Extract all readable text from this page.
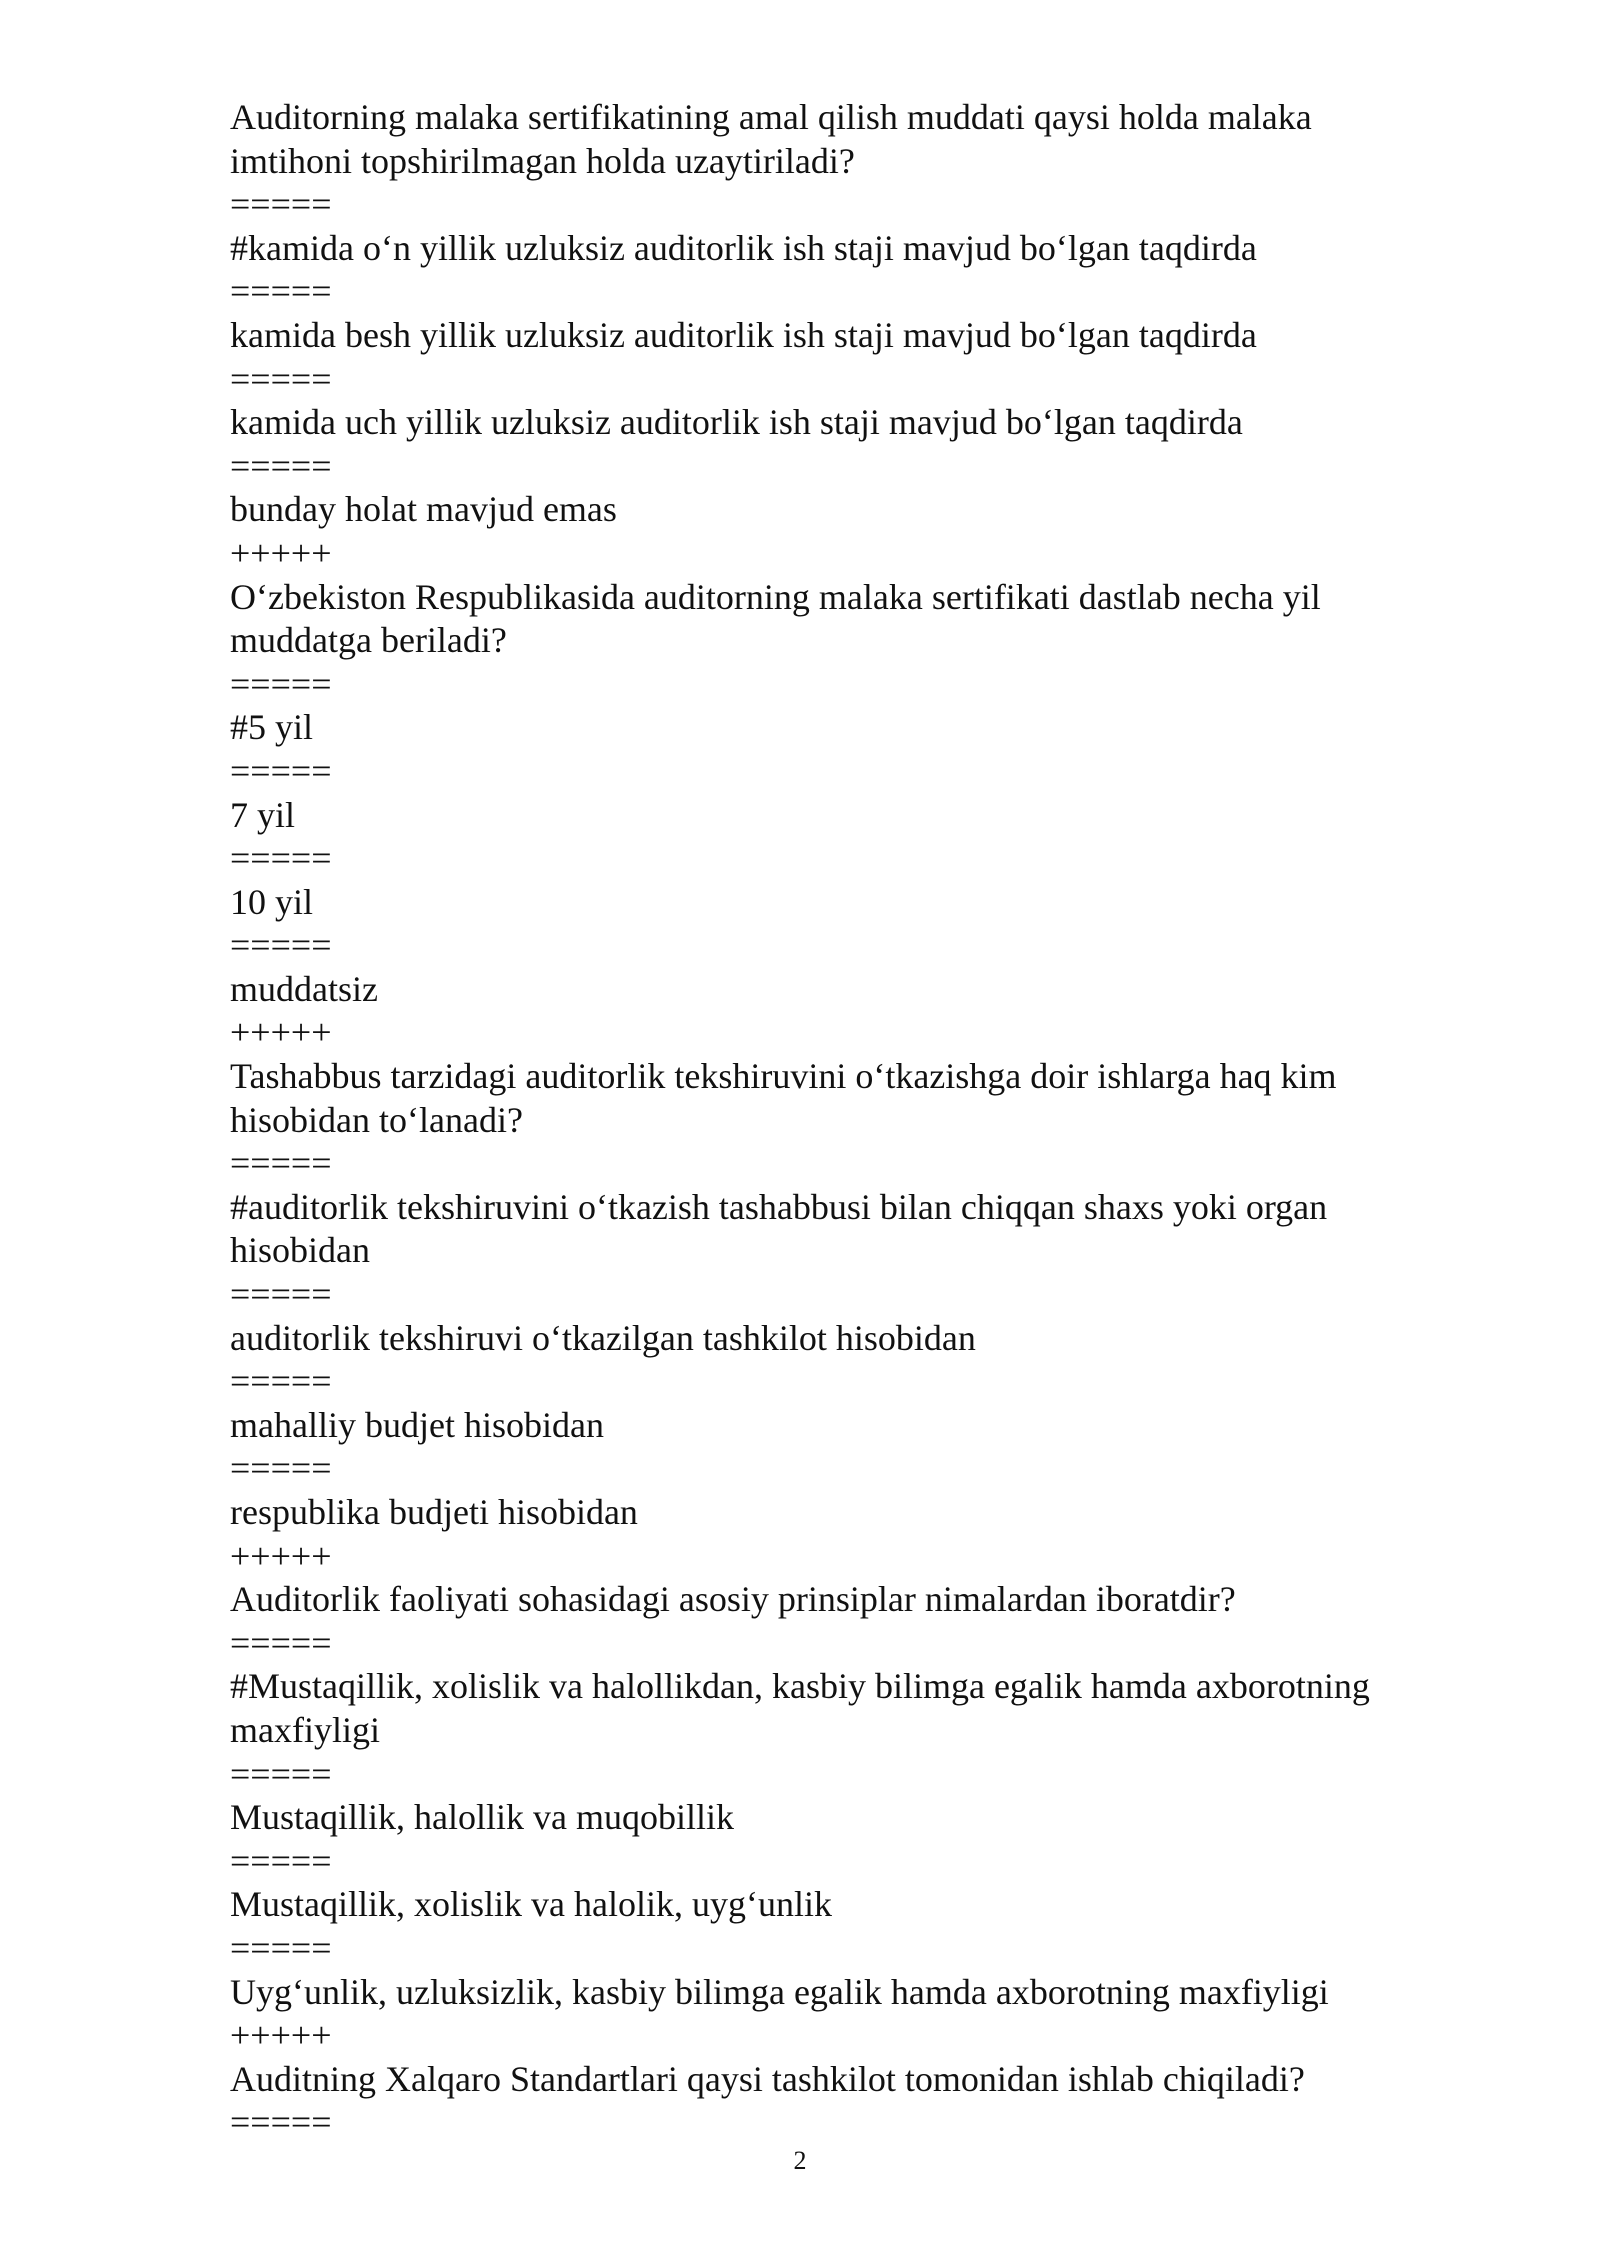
Auditorning malaka sertifikatining amal qilish muddati qaysi holda malaka imtihoni topshirilmagan holda uzaytiriladi?

=====

#kamida o‘n yillik uzluksiz auditorlik ish staji mavjud bo‘lgan taqdirda

=====

kamida besh yillik uzluksiz auditorlik ish staji mavjud bo‘lgan taqdirda

=====

kamida uch yillik uzluksiz auditorlik ish staji mavjud bo‘lgan taqdirda

=====

bunday holat mavjud emas

+++++

O‘zbekiston Respublikasida auditorning malaka sertifikati dastlab necha yil muddatga beriladi?

=====

#5 yil

=====

7 yil

=====

10 yil

=====

muddatsiz

+++++

Tashabbus tarzidagi auditorlik tekshiruvini o‘tkazishga doir ishlarga haq kim hisobidan to‘lanadi?

=====

#auditorlik tekshiruvini o‘tkazish tashabbusi bilan chiqqan shaxs yoki organ hisobidan

=====

auditorlik tekshiruvi o‘tkazilgan tashkilot hisobidan

=====

mahalliy budjet hisobidan

=====

respublika budjeti hisobidan

+++++

Auditorlik faoliyati sohasidagi asosiy prinsiplar nimalardan iboratdir?

=====

#Mustaqillik, xolislik va halollikdan, kasbiy bilimga egalik hamda axborotning maxfiyligi

=====

Mustaqillik, halollik va muqobillik

=====

Mustaqillik, xolislik va halolik, uyg‘unlik

=====

Uyg‘unlik, uzluksizlik, kasbiy bilimga egalik hamda axborotning maxfiyligi

+++++

Auditning Xalqaro Standartlari qaysi tashkilot tomonidan ishlab chiqiladi?

=====

2
